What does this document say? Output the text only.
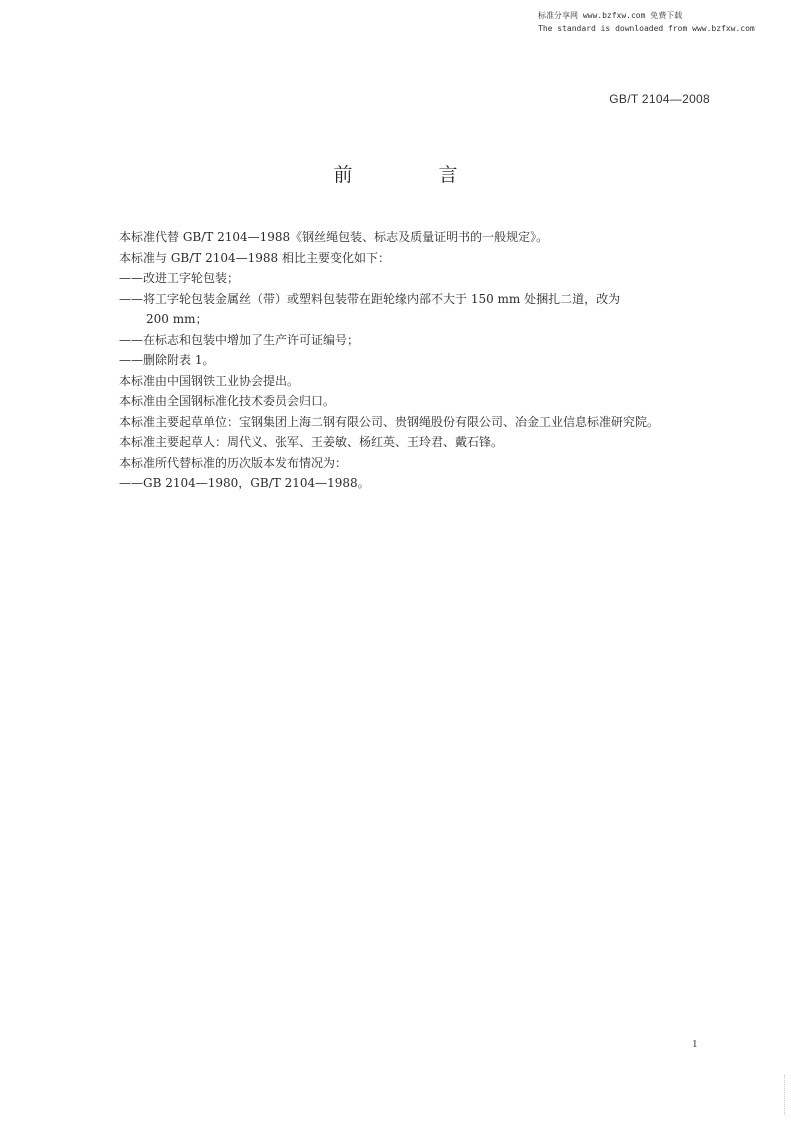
标准分享网 www.bzfxw.com 免费下载
The standard is downloaded from www.bzfxw.com
GB/T 2104—2008
前 言

本标准代替 GB/T 2104—1988《钢丝绳包装、标志及质量证明书的一般规定》。

本标准与 GB/T 2104—1988 相比主要变化如下：

——改进工字轮包装；

——将工字轮包装金属丝（带）或塑料包装带在距轮缘内部不大于 150 mm 处捆扎二道，改为
200 mm；

——在标志和包装中增加了生产许可证编号；

——删除附表 1。

本标准由中国钢铁工业协会提出。

本标准由全国钢标准化技术委员会归口。

本标准主要起草单位：宝钢集团上海二钢有限公司、贵钢绳股份有限公司、冶金工业信息标准研究院。

本标准主要起草人：周代义、张军、王姜敏、杨红英、王玲君、戴石锋。

本标准所代替标准的历次版本发布情况为：

——GB 2104—1980，GB/T 2104—1988。

1
